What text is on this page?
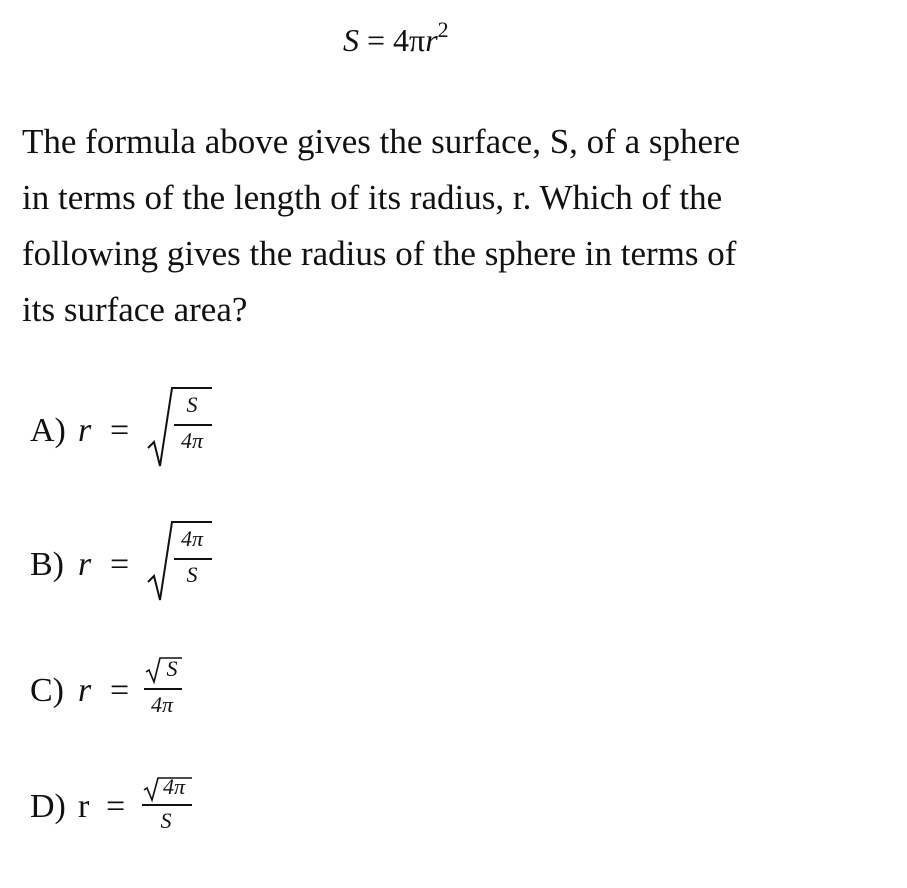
$S = 4\pi r^2$

The formula above gives the surface, S, of a sphere

in terms of the length of its radius, r. Which of the

following gives the radius of the sphere in terms of

its surface area?

A) r =
S
4π
B) r =
4π
S
C) r =
S
4π
D) r =
4π
S
